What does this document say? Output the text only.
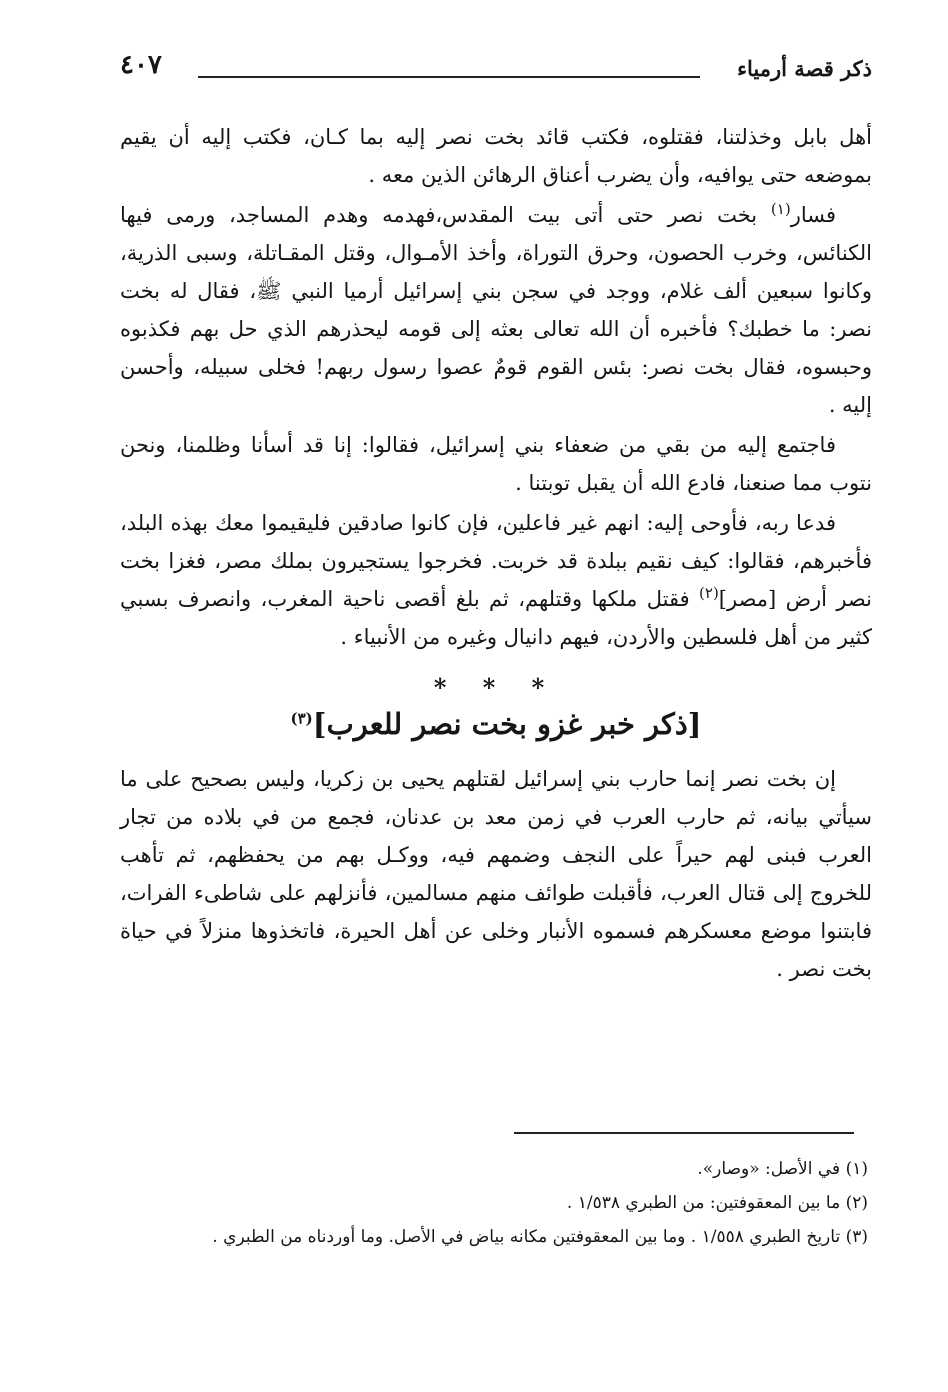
ذكر قصة أرمياء
٤٠٧

أهل بابل وخذلتنا، فقتلوه، فكتب قائد بخت نصر إليه بما كـان، فكتب إليه أن يقيم بموضعه حتى يوافيه، وأن يضرب أعناق الرهائن الذين معه .

فسار$^{(١)}$ بخت نصر حتى أتى بيت المقدس،فهدمه وهدم المساجد، ورمى فيها الكنائس، وخرب الحصون، وحرق التوراة، وأخذ الأمـوال، وقتل المقـاتلة، وسبى الذرية، وكانوا سبعين ألف غلام، ووجد في سجن بني إسرائيل أرميا النبي ﷺ، فقال له بخت نصر: ما خطبك؟ فأخبره أن الله تعالى بعثه إلى قومه ليحذرهم الذي حل بهم فكذبوه وحبسوه، فقال بخت نصر: بئس القوم قومٌ عصوا رسول ربهم! فخلى سبيله، وأحسن إليه .

فاجتمع إليه من بقي من ضعفاء بني إسرائيل، فقالوا: إنا قد أسأنا وظلمنا، ونحن نتوب مما صنعنا، فادع الله أن يقبل توبتنا .

فدعا ربه، فأوحى إليه: انهم غير فاعلين، فإن كانوا صادقين فليقيموا معك بهذه البلد، فأخبرهم، فقالوا: كيف نقيم ببلدة قد خربت. فخرجوا يستجيرون بملك مصر، فغزا بخت نصر أرض [مصر]$^{(٢)}$ فقتل ملكها وقتلهم، ثم بلغ أقصى ناحية المغرب، وانصرف بسبي كثير من أهل فلسطين والأردن، فيهم دانيال وغيره من الأنبياء .

* * *
[ذكر خبر غزو بخت نصر للعرب]$^{(٣)}$

إن بخت نصر إنما حارب بني إسرائيل لقتلهم يحيى بن زكريا، وليس بصحيح على ما سيأتي بيانه، ثم حارب العرب في زمن معد بن عدنان، فجمع من في بلاده من تجار العرب فبنى لهم حيراً على النجف وضمهم فيه، ووكـل بهم من يحفظهم، ثم تأهب للخروج إلى قتال العرب، فأقبلت طوائف منهم مسالمين، فأنزلهم على شاطىء الفرات، فابتنوا موضع معسكرهم فسموه الأنبار وخلى عن أهل الحيرة، فاتخذوها منزلاً في حياة بخت نصر .

(١) في الأصل: «وصار».
(٢) ما بين المعقوفتين: من الطبري ١/٥٣٨ .
(٣) تاريخ الطبري ١/٥٥٨ . وما بين المعقوفتين مكانه بياض في الأصل. وما أوردناه من الطبري .
